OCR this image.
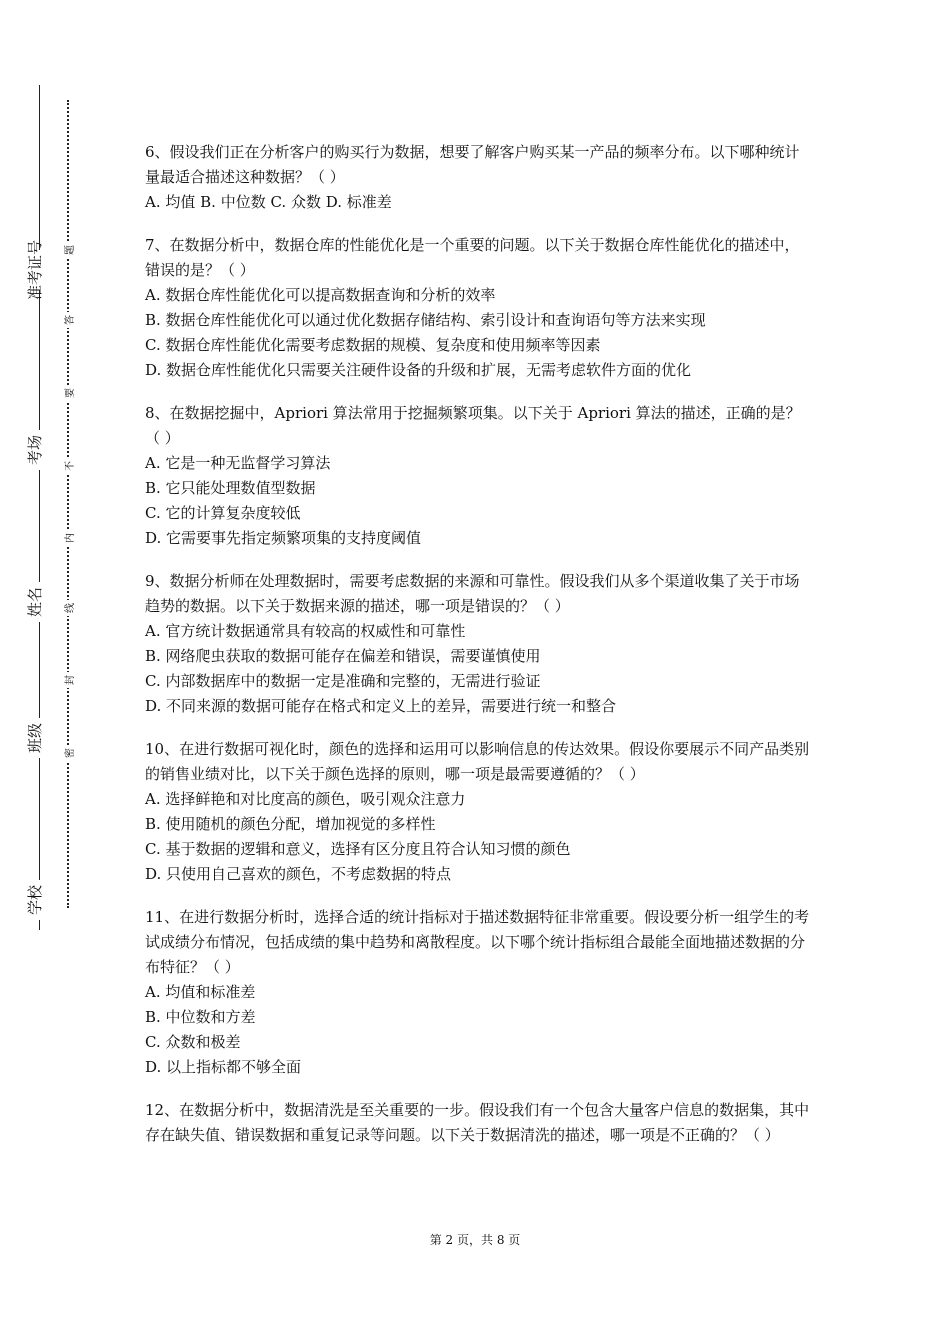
准考证号
考场
姓名
班级
学校
题
答
要
不
内
线
封
密
6、假设我们正在分析客户的购买行为数据，想要了解客户购买某一产品的频率分布。以下哪种统计量最适合描述这种数据？（ ）
A. 均值 B. 中位数 C. 众数 D. 标准差
7、在数据分析中，数据仓库的性能优化是一个重要的问题。以下关于数据仓库性能优化的描述中，错误的是？（ ）
A. 数据仓库性能优化可以提高数据查询和分析的效率
B. 数据仓库性能优化可以通过优化数据存储结构、索引设计和查询语句等方法来实现
C. 数据仓库性能优化需要考虑数据的规模、复杂度和使用频率等因素
D. 数据仓库性能优化只需要关注硬件设备的升级和扩展，无需考虑软件方面的优化
8、在数据挖掘中，Apriori 算法常用于挖掘频繁项集。以下关于 Apriori 算法的描述，正确的是？（ ）
A. 它是一种无监督学习算法
B. 它只能处理数值型数据
C. 它的计算复杂度较低
D. 它需要事先指定频繁项集的支持度阈值
9、数据分析师在处理数据时，需要考虑数据的来源和可靠性。假设我们从多个渠道收集了关于市场趋势的数据。以下关于数据来源的描述，哪一项是错误的？（ ）
A. 官方统计数据通常具有较高的权威性和可靠性
B. 网络爬虫获取的数据可能存在偏差和错误，需要谨慎使用
C. 内部数据库中的数据一定是准确和完整的，无需进行验证
D. 不同来源的数据可能存在格式和定义上的差异，需要进行统一和整合
10、在进行数据可视化时，颜色的选择和运用可以影响信息的传达效果。假设你要展示不同产品类别的销售业绩对比，以下关于颜色选择的原则，哪一项是最需要遵循的？（ ）
A. 选择鲜艳和对比度高的颜色，吸引观众注意力
B. 使用随机的颜色分配，增加视觉的多样性
C. 基于数据的逻辑和意义，选择有区分度且符合认知习惯的颜色
D. 只使用自己喜欢的颜色，不考虑数据的特点
11、在进行数据分析时，选择合适的统计指标对于描述数据特征非常重要。假设要分析一组学生的考试成绩分布情况，包括成绩的集中趋势和离散程度。以下哪个统计指标组合最能全面地描述数据的分布特征？（ ）
A. 均值和标准差
B. 中位数和方差
C. 众数和极差
D. 以上指标都不够全面
12、在数据分析中，数据清洗是至关重要的一步。假设我们有一个包含大量客户信息的数据集，其中存在缺失值、错误数据和重复记录等问题。以下关于数据清洗的描述，哪一项是不正确的？（ ）
第 2 页，共 8 页
